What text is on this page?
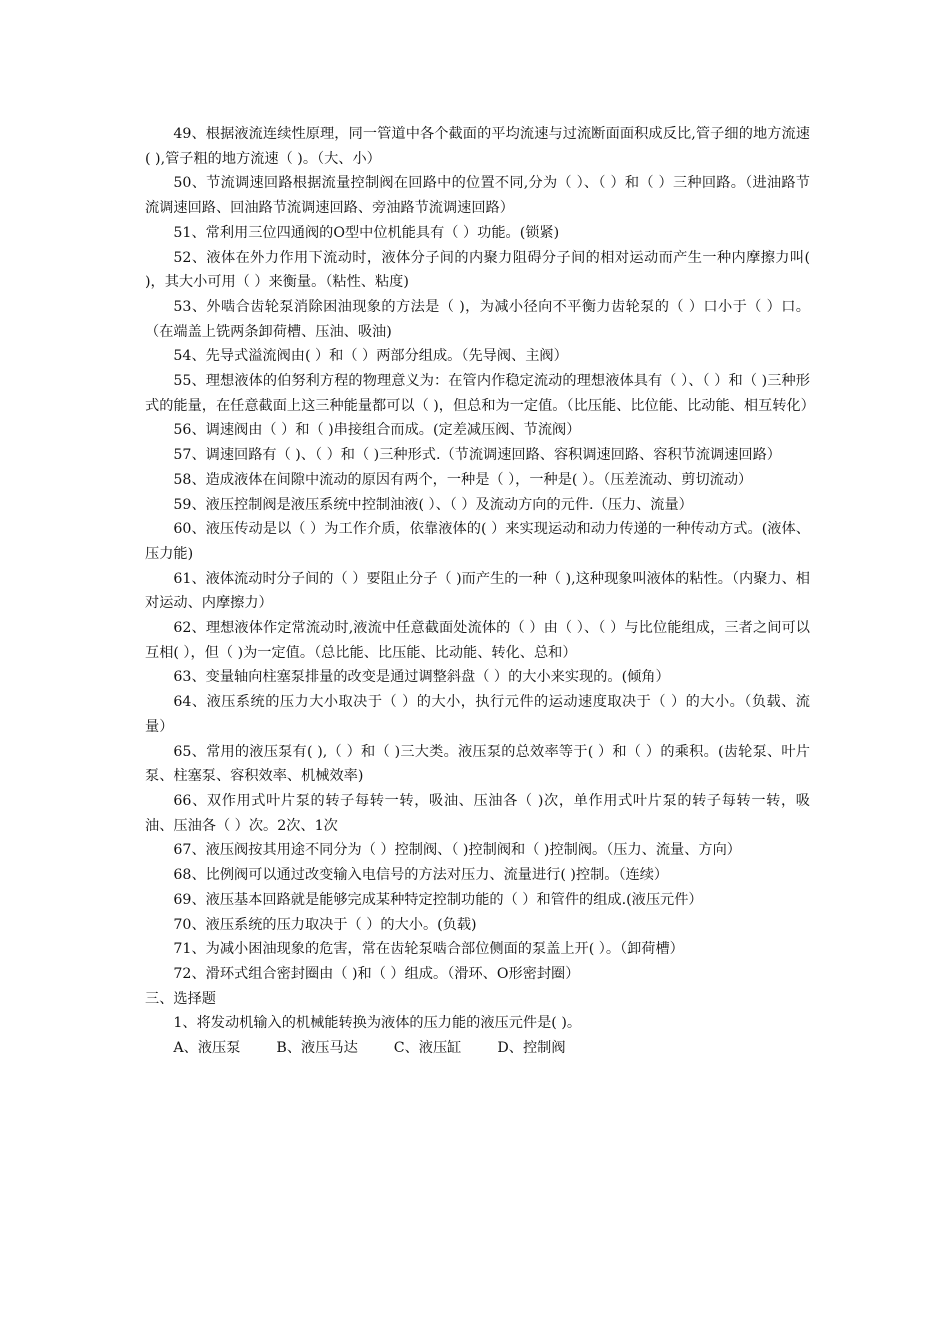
49、根据液流连续性原理，同一管道中各个截面的平均流速与过流断面面积成反比,管子细的地方流速( ),管子粗的地方流速（ )。（大、小）

50、节流调速回路根据流量控制阀在回路中的位置不同,分为（ ）、（ ）和（ ）三种回路。（进油路节流调速回路、回油路节流调速回路、旁油路节流调速回路）

51、常利用三位四通阀的O型中位机能具有（ ）功能。(锁紧)

52、液体在外力作用下流动时，液体分子间的内聚力阻碍分子间的相对运动而产生一种内摩擦力叫( )，其大小可用（ ）来衡量。（粘性、粘度)

53、外啮合齿轮泵消除困油现象的方法是（ )，为减小径向不平衡力齿轮泵的（ ）口小于（ ）口。（在端盖上铣两条卸荷槽、压油、吸油)

54、先导式溢流阀由( ）和（ ）两部分组成。（先导阀、主阀）

55、理想液体的伯努利方程的物理意义为：在管内作稳定流动的理想液体具有（ ）、（ ）和（ )三种形式的能量，在任意截面上这三种能量都可以（ )，但总和为一定值。（比压能、比位能、比动能、相互转化）

56、调速阀由（ ）和（ )串接组合而成。(定差减压阀、节流阀）

57、调速回路有（ )、（ ）和（ )三种形式.（节流调速回路、容积调速回路、容积节流调速回路）

58、造成液体在间隙中流动的原因有两个，一种是（ ），一种是( ）。（压差流动、剪切流动）

59、液压控制阀是液压系统中控制油液( ）、（ ）及流动方向的元件.（压力、流量）

60、液压传动是以（ ）为工作介质，依靠液体的( ）来实现运动和动力传递的一种传动方式。(液体、压力能)

61、液体流动时分子间的（ ）要阻止分子（ )而产生的一种（ ),这种现象叫液体的粘性。（内聚力、相对运动、内摩擦力）

62、理想液体作定常流动时,液流中任意截面处流体的（ ）由（ ）、（ ）与比位能组成，三者之间可以互相( ），但（ )为一定值。（总比能、比压能、比动能、转化、总和）

63、变量轴向柱塞泵排量的改变是通过调整斜盘（ ）的大小来实现的。(倾角）

64、液压系统的压力大小取决于（ ）的大小，执行元件的运动速度取决于（ ）的大小。（负载、流量）

65、常用的液压泵有( ),（ ）和（ )三大类。液压泵的总效率等于( ）和（ ）的乘积。(齿轮泵、叶片泵、柱塞泵、容积效率、机械效率)

66、双作用式叶片泵的转子每转一转，吸油、压油各（ )次，单作用式叶片泵的转子每转一转，吸油、压油各（ ）次。2次、1次

67、液压阀按其用途不同分为（ ）控制阀、（ )控制阀和（ )控制阀。（压力、流量、方向）

68、比例阀可以通过改变输入电信号的方法对压力、流量进行( )控制。（连续）

69、液压基本回路就是能够完成某种特定控制功能的（ ）和管件的组成.(液压元件）

70、液压系统的压力取决于（ ）的大小。(负载)

71、为减小困油现象的危害，常在齿轮泵啮合部位侧面的泵盖上开( ）。（卸荷槽）

72、滑环式组合密封圈由（ )和（ ）组成。（滑环、O形密封圈）

三、选择题

1、将发动机输入的机械能转换为液体的压力能的液压元件是( )。

A、液压泵	B、液压马达	C、液压缸	D、控制阀
